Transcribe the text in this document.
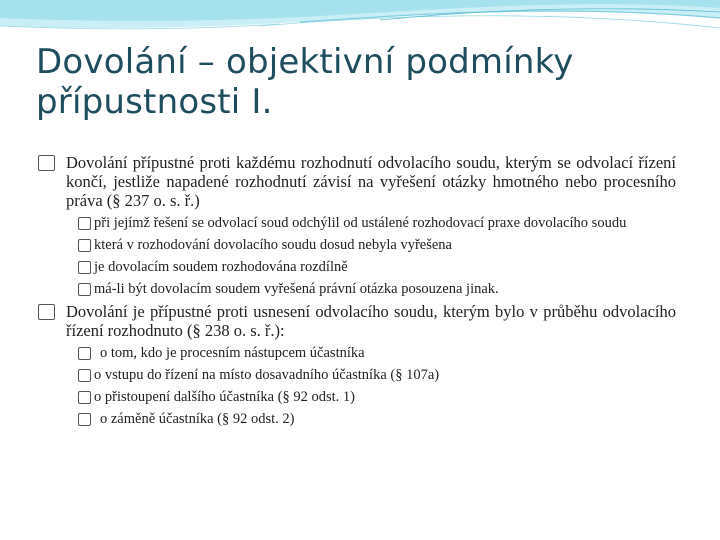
Dovolání – objektivní podmínky přípustnosti I.
Dovolání přípustné proti každému rozhodnutí odvolacího soudu, kterým se odvolací řízení končí, jestliže napadené rozhodnutí závisí na vyřešení otázky hmotného nebo procesního práva (§ 237 o. s. ř.)
při jejímž řešení se odvolací soud odchýlil od ustálené rozhodovací praxe dovolacího soudu
která v rozhodování dovolacího soudu dosud nebyla vyřešena
je dovolacím soudem rozhodována rozdílně
má-li být dovolacím soudem vyřešená právní otázka posouzena jinak.
Dovolání je přípustné proti usnesení odvolacího soudu, kterým bylo v průběhu odvolacího řízení rozhodnuto (§ 238 o. s. ř.):
o tom, kdo je procesním nástupcem účastníka
o vstupu do řízení na místo dosavadního účastníka (§ 107a)
o přistoupení dalšího účastníka (§ 92 odst. 1)
o záměně účastníka (§ 92 odst. 2)
